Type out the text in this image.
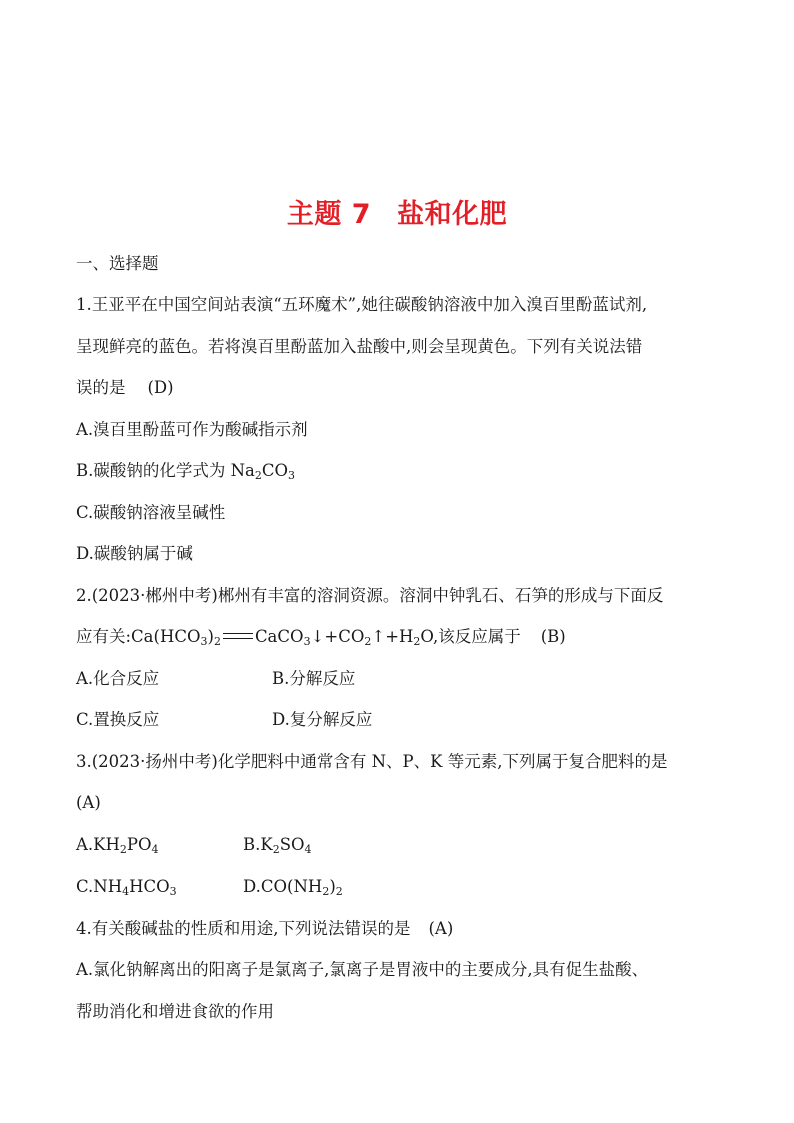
主题 7 盐和化肥
一、选择题
1.王亚平在中国空间站表演“五环魔术”,她往碳酸钠溶液中加入溴百里酚蓝试剂,
呈现鲜亮的蓝色。若将溴百里酚蓝加入盐酸中,则会呈现黄色。下列有关说法错
误的是 (D)
A.溴百里酚蓝可作为酸碱指示剂
B.碳酸钠的化学式为 $Na_2CO_3$
C.碳酸钠溶液呈碱性
D.碳酸钠属于碱
2.(2023·郴州中考)郴州有丰富的溶洞资源。溶洞中钟乳石、石笋的形成与下面反
应有关$:Ca(HCO_3)_2$ $CaCO_3↓+CO_2↑+H_2O$,该反应属于 (B)
A.化合反应	B.分解反应
C.置换反应	D.复分解反应
3.(2023·扬州中考)化学肥料中通常含有 N、P、K 等元素,下列属于复合肥料的是
(A)
$A.KH_2PO_4$	$B.K_2SO_4$
$C.NH_4HCO_3$	$D.CO(NH_2)_2$
4.有关酸碱盐的性质和用途,下列说法错误的是 (A)
A.氯化钠解离出的阳离子是氯离子,氯离子是胃液中的主要成分,具有促生盐酸、
帮助消化和增进食欲的作用
